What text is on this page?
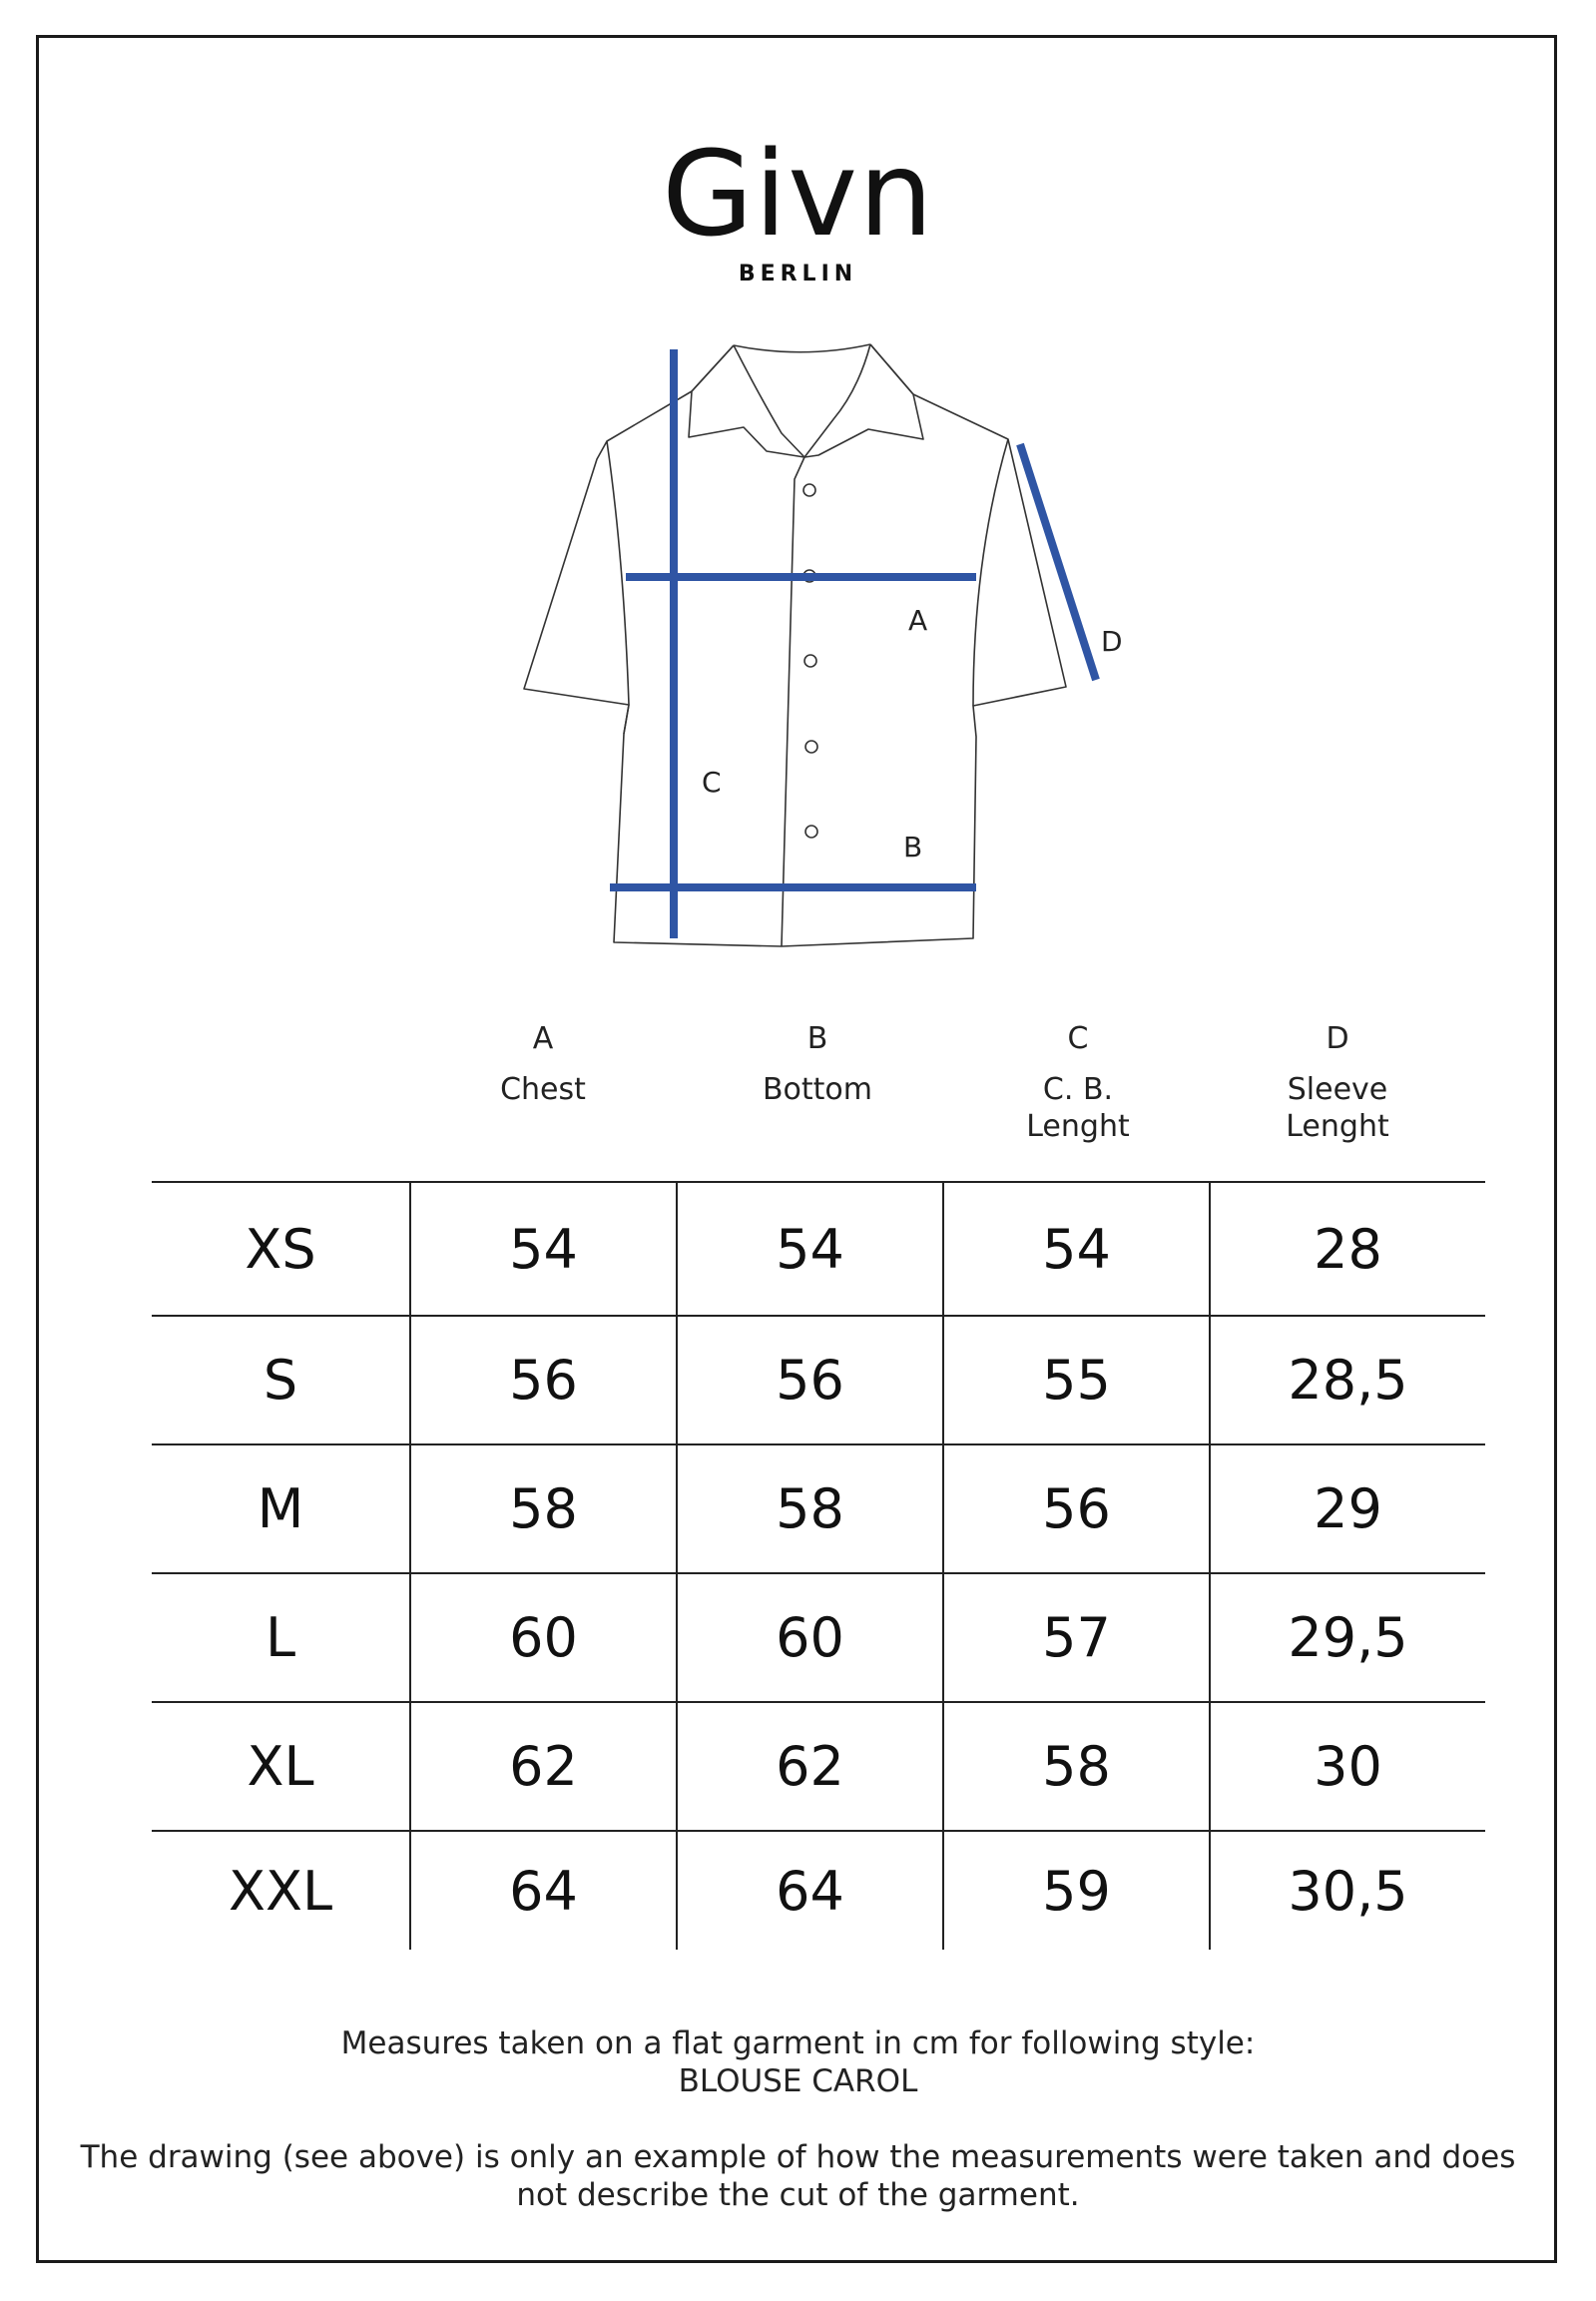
Givn
BERLIN
A
B
C
D
A
Chest
B
Bottom
C
C. B.
Lenght
D
Sleeve
Lenght
XS	54	54	54	28
S	56	56	55	28,5
M	58	58	56	29
L	60	60	57	29,5
XL	62	62	58	30
XXL	64	64	59	30,5
Measures taken on a flat garment in cm for following style:
BLOUSE CAROL
The drawing (see above) is only an example of how the measurements were taken and does
not describe the cut of the garment.
